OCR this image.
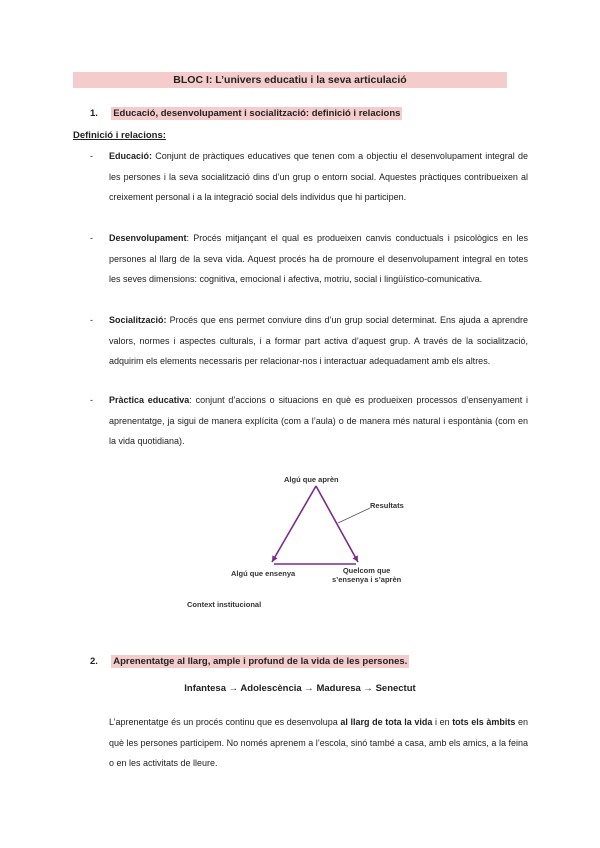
BLOC I: L’univers educatiu i la seva articulació
1. Educació, desenvolupament i socialització: definició i relacions
Definició i relacions:
- Educació: Conjunt de pràctiques educatives que tenen com a objectiu el desenvolupament integral de les persones i la seva socialització dins d’un grup o entorn social. Aquestes pràctiques contribueixen al creixement personal i a la integració social dels individus que hi participen.
- Desenvolupament: Procés mitjançant el qual es produeixen canvis conductuals i psicològics en les persones al llarg de la seva vida. Aquest procés ha de promoure el desenvolupament integral en totes les seves dimensions: cognitiva, emocional i afectiva, motriu, social i lingüístico-comunicativa.
- Socialització: Procés que ens permet conviure dins d’un grup social determinat. Ens ajuda a aprendre valors, normes i aspectes culturals, i a formar part activa d’aquest grup. A través de la socialització, adquirim els elements necessaris per relacionar-nos i interactuar adequadament amb els altres.
- Pràctica educativa: conjunt d’accions o situacions en què es produeixen processos d’ensenyament i aprenentatge, ja sigui de manera explícita (com a l’aula) o de manera més natural i espontània (com en la vida quotidiana).
Algú que aprèn
Resultats
Algú que ensenya	Quelcom que
s’ensenya i s’aprèn
Context institucional
2. Aprenentatge al llarg, ample i profund de la vida de les persones.
Infantesa → Adolescència → Maduresa → Senectut
L’aprenentatge és un procés continu que es desenvolupa al llarg de tota la vida i en tots els àmbits en què les persones participem. No només aprenem a l’escola, sinó també a casa, amb els amics, a la feina o en les activitats de lleure.
